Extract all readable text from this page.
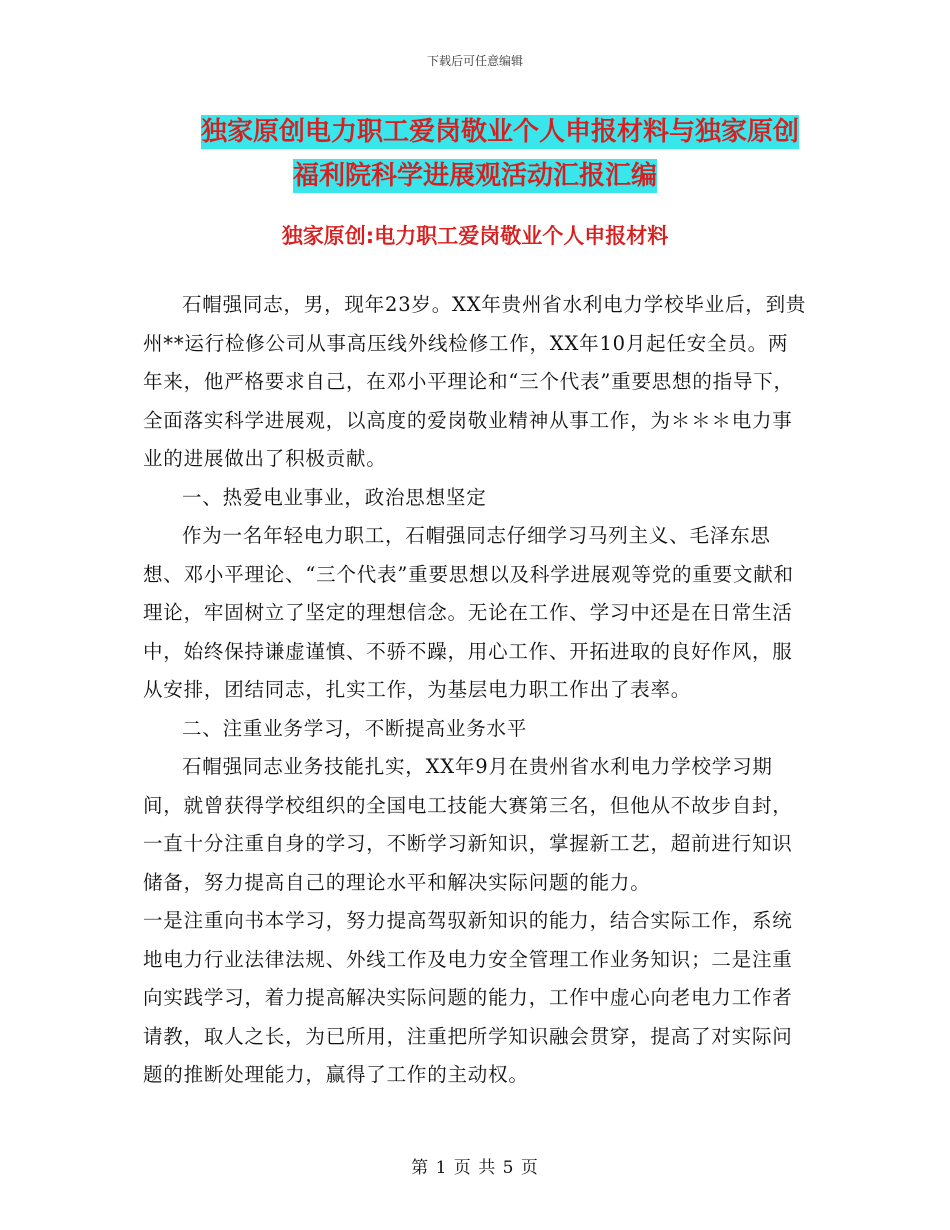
下载后可任意编辑
独家原创电力职工爱岗敬业个人申报材料与独家原创
福利院科学进展观活动汇报汇编
独家原创:电力职工爱岗敬业个人申报材料

石帽强同志，男，现年23岁。XX年贵州省水利电力学校毕业后，到贵州**运行检修公司从事高压线外线检修工作，XX年10月起任安全员。两年来，他严格要求自己，在邓小平理论和“三个代表”重要思想的指导下，全面落实科学进展观，以高度的爱岗敬业精神从事工作，为＊＊＊电力事业的进展做出了积极贡献。

一、热爱电业事业，政治思想坚定

作为一名年轻电力职工，石帽强同志仔细学习马列主义、毛泽东思想、邓小平理论、“三个代表”重要思想以及科学进展观等党的重要文献和理论，牢固树立了坚定的理想信念。无论在工作、学习中还是在日常生活中，始终保持谦虚谨慎、不骄不躁，用心工作、开拓进取的良好作风，服从安排，团结同志，扎实工作，为基层电力职工作出了表率。

二、注重业务学习，不断提高业务水平

石帽强同志业务技能扎实，XX年9月在贵州省水利电力学校学习期间，就曾获得学校组织的全国电工技能大赛第三名，但他从不故步自封，一直十分注重自身的学习，不断学习新知识，掌握新工艺，超前进行知识储备，努力提高自己的理论水平和解决实际问题的能力。

一是注重向书本学习，努力提高驾驭新知识的能力，结合实际工作，系统地电力行业法律法规、外线工作及电力安全管理工作业务知识；二是注重向实践学习，着力提高解决实际问题的能力，工作中虚心向老电力工作者请教，取人之长，为已所用，注重把所学知识融会贯穿，提高了对实际问题的推断处理能力，赢得了工作的主动权。

第 1 页 共 5 页
